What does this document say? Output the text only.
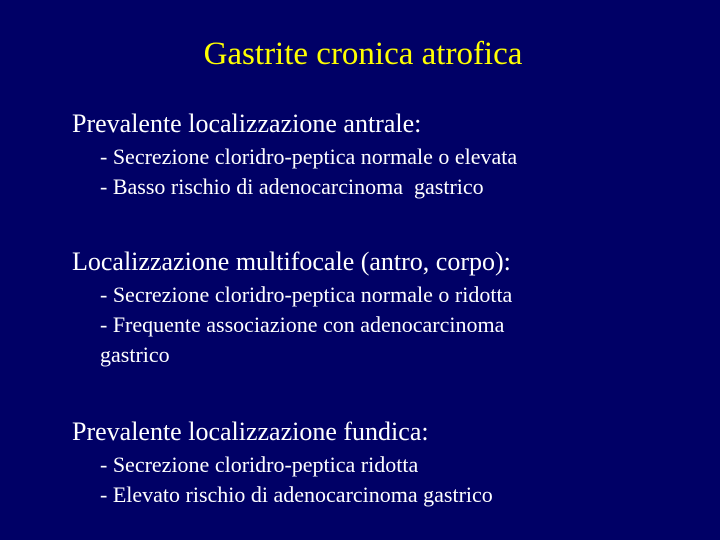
Gastrite cronica atrofica
Prevalente localizzazione antrale:
- Secrezione cloridro-peptica normale o elevata
- Basso rischio di adenocarcinoma  gastrico
Localizzazione multifocale (antro, corpo):
- Secrezione cloridro-peptica normale o ridotta
- Frequente associazione con adenocarcinoma
gastrico
Prevalente localizzazione fundica:
- Secrezione cloridro-peptica ridotta
- Elevato rischio di adenocarcinoma gastrico
